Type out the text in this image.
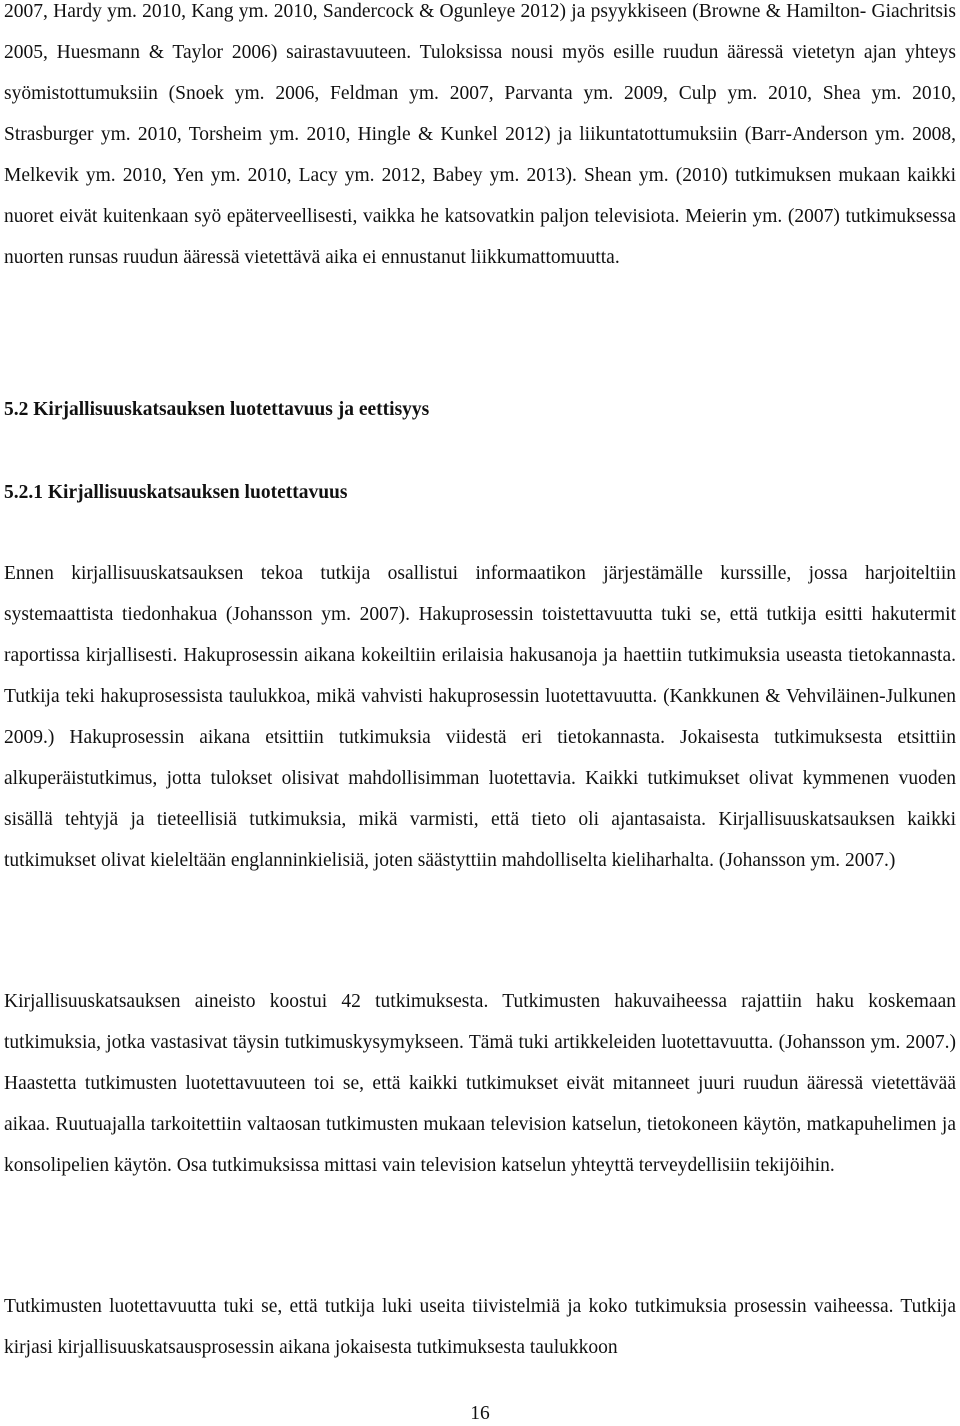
2007, Hardy ym. 2010, Kang ym. 2010, Sandercock & Ogunleye 2012) ja psyykkiseen (Browne & Hamilton- Giachritsis 2005, Huesmann & Taylor 2006) sairastavuuteen. Tuloksissa nousi myös esille ruudun ääressä vietetyn ajan yhteys syömistottumuksiin (Snoek ym. 2006, Feldman ym. 2007, Parvanta ym. 2009, Culp ym. 2010, Shea ym. 2010, Strasburger ym. 2010, Torsheim ym. 2010, Hingle & Kunkel 2012) ja liikuntatottumuksiin (Barr-Anderson ym. 2008, Melkevik ym. 2010, Yen ym. 2010, Lacy ym. 2012, Babey ym. 2013). Shean ym. (2010) tutkimuksen mukaan kaikki nuoret eivät kuitenkaan syö epäterveellisesti, vaikka he katsovatkin paljon televisiota. Meierin ym. (2007) tutkimuksessa nuorten runsas ruudun ääressä vietettävä aika ei ennustanut liikkumattomuutta.

5.2 Kirjallisuuskatsauksen luotettavuus ja eettisyys
5.2.1 Kirjallisuuskatsauksen luotettavuus

Ennen kirjallisuuskatsauksen tekoa tutkija osallistui informaatikon järjestämälle kurssille, jossa harjoiteltiin systemaattista tiedonhakua (Johansson ym. 2007). Hakuprosessin toistettavuutta tuki se, että tutkija esitti hakutermit raportissa kirjallisesti. Hakuprosessin aikana kokeiltiin erilaisia hakusanoja ja haettiin tutkimuksia useasta tietokannasta. Tutkija teki hakuprosessista taulukkoa, mikä vahvisti hakuprosessin luotettavuutta. (Kankkunen & Vehviläinen-Julkunen 2009.) Hakuprosessin aikana etsittiin tutkimuksia viidestä eri tietokannasta. Jokaisesta tutkimuksesta etsittiin alkuperäistutkimus, jotta tulokset olisivat mahdollisimman luotettavia. Kaikki tutkimukset olivat kymmenen vuoden sisällä tehtyjä ja tieteellisiä tutkimuksia, mikä varmisti, että tieto oli ajantasaista. Kirjallisuuskatsauksen kaikki tutkimukset olivat kieleltään englanninkielisiä, joten säästyttiin mahdolliselta kieliharhalta. (Johansson ym. 2007.)

Kirjallisuuskatsauksen aineisto koostui 42 tutkimuksesta. Tutkimusten hakuvaiheessa rajattiin haku koskemaan tutkimuksia, jotka vastasivat täysin tutkimuskysymykseen. Tämä tuki artikkeleiden luotettavuutta. (Johansson ym. 2007.) Haastetta tutkimusten luotettavuuteen toi se, että kaikki tutkimukset eivät mitanneet juuri ruudun ääressä vietettävää aikaa. Ruutuajalla tarkoitettiin valtaosan tutkimusten mukaan television katselun, tietokoneen käytön, matkapuhelimen ja konsolipelien käytön. Osa tutkimuksissa mittasi vain television katselun yhteyttä terveydellisiin tekijöihin.

Tutkimusten luotettavuutta tuki se, että tutkija luki useita tiivistelmiä ja koko tutkimuksia prosessin vaiheessa. Tutkija kirjasi kirjallisuuskatsausprosessin aikana jokaisesta tutkimuksesta taulukkoon

16
